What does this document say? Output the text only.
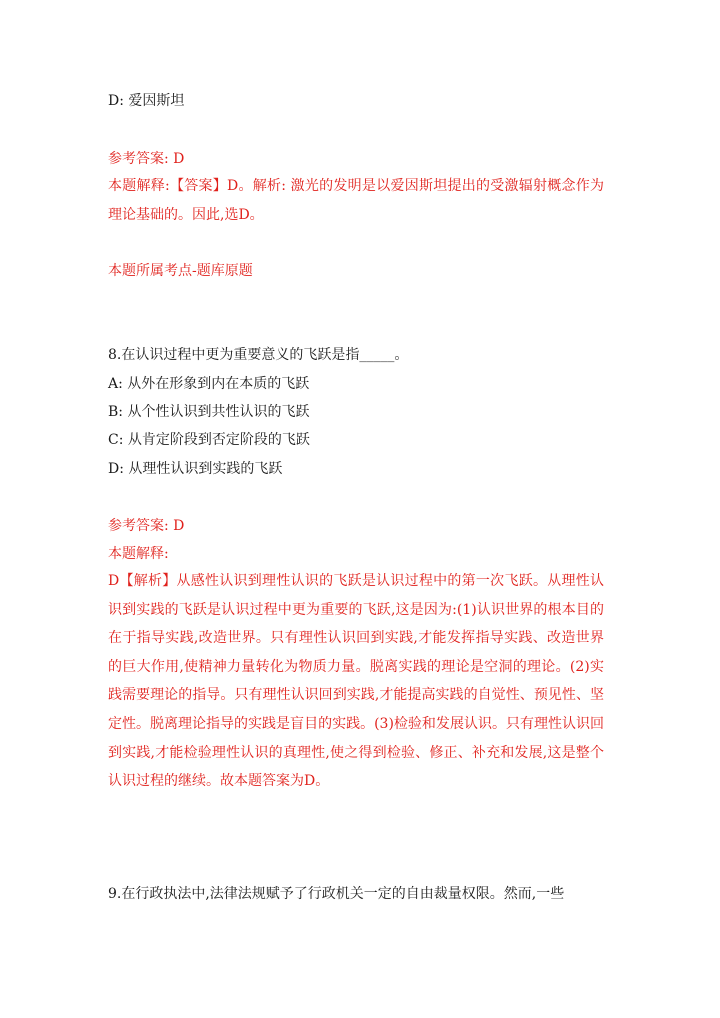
D: 爱因斯坦
参考答案: D
本题解释:【答案】D。解析: 激光的发明是以爱因斯坦提出的受激辐射概念作为理论基础的。因此,选D。
本题所属考点-题库原题
8.在认识过程中更为重要意义的飞跃是指_____。
A: 从外在形象到内在本质的飞跃
B: 从个性认识到共性认识的飞跃
C: 从肯定阶段到否定阶段的飞跃
D: 从理性认识到实践的飞跃
参考答案: D
本题解释:
D【解析】从感性认识到理性认识的飞跃是认识过程中的第一次飞跃。从理性认识到实践的飞跃是认识过程中更为重要的飞跃,这是因为:(1)认识世界的根本目的在于指导实践,改造世界。只有理性认识回到实践,才能发挥指导实践、改造世界的巨大作用,使精神力量转化为物质力量。脱离实践的理论是空洞的理论。(2)实践需要理论的指导。只有理性认识回到实践,才能提高实践的自觉性、预见性、坚定性。脱离理论指导的实践是盲目的实践。(3)检验和发展认识。只有理性认识回到实践,才能检验理性认识的真理性,使之得到检验、修正、补充和发展,这是整个认识过程的继续。故本题答案为D。
9.在行政执法中,法律法规赋予了行政机关一定的自由裁量权限。然而,一些
